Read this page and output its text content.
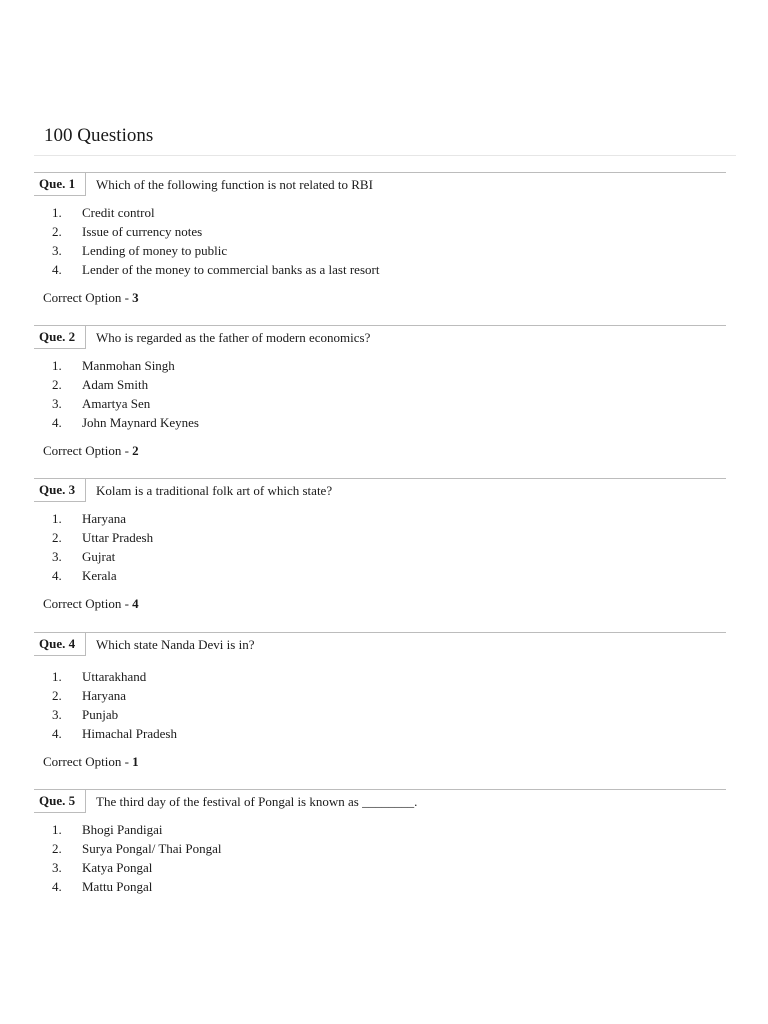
100 Questions
Que. 1	Which of the following function is not related to RBI
1.	Credit control
2.	Issue of currency notes
3.	Lending of money to public
4.	Lender of the money to commercial banks as a last resort
Correct Option - 3
Que. 2	Who is regarded as the father of modern economics?
1.	Manmohan Singh
2.	Adam Smith
3.	Amartya Sen
4.	John Maynard Keynes
Correct Option - 2
Que. 3	Kolam is a traditional folk art of which state?
1.	Haryana
2.	Uttar Pradesh
3.	Gujrat
4.	Kerala
Correct Option - 4
Que. 4	Which state Nanda Devi is in?
1.	Uttarakhand
2.	Haryana
3.	Punjab
4.	Himachal Pradesh
Correct Option - 1
Que. 5	The third day of the festival of Pongal is known as ________.
1.	Bhogi Pandigai
2.	Surya Pongal/ Thai Pongal
3.	Katya Pongal
4.	Mattu Pongal
